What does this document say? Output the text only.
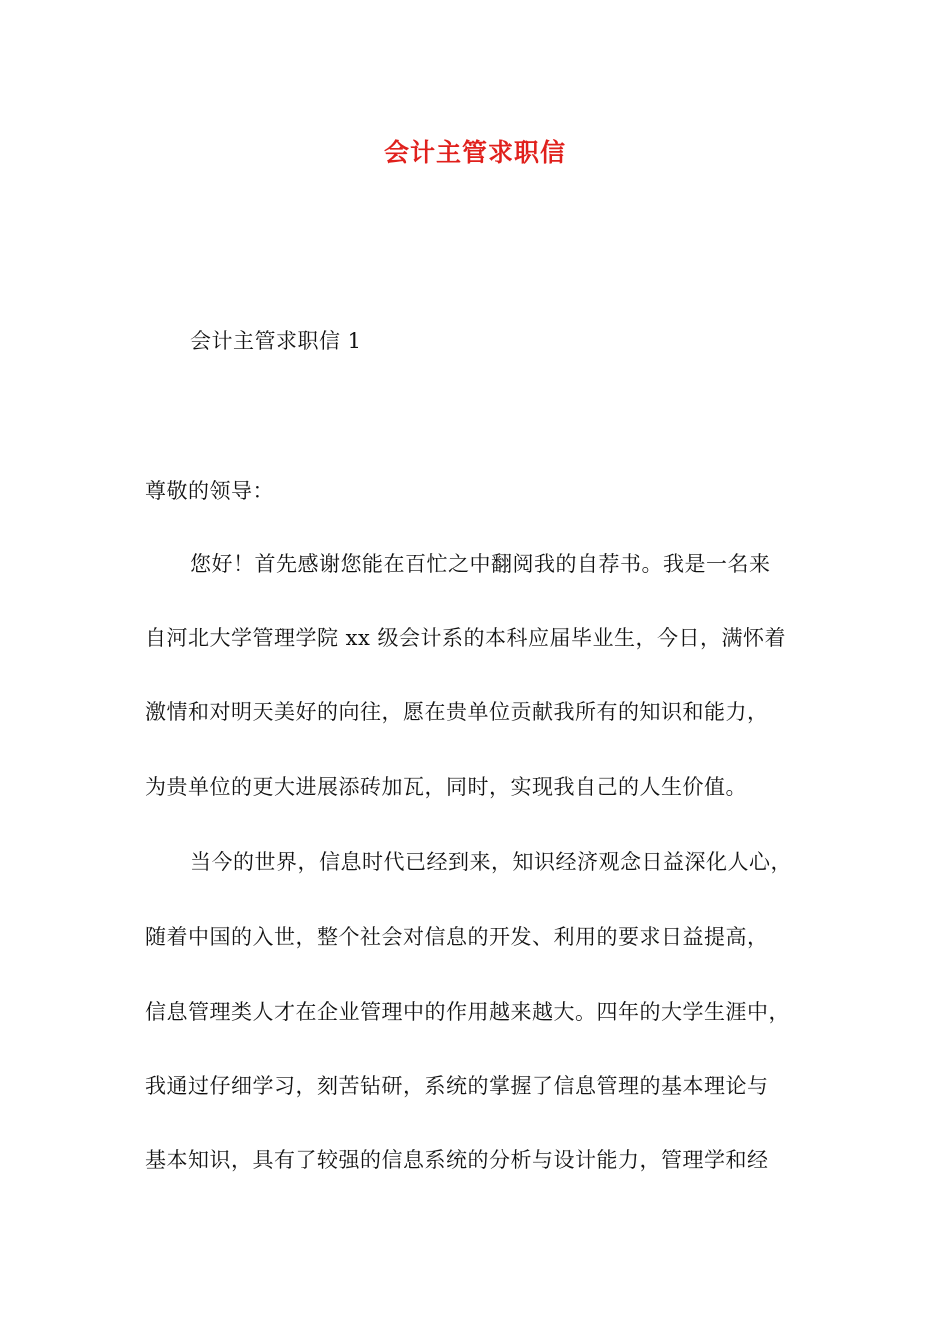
会计主管求职信
会计主管求职信 1
尊敬的领导：
您好！首先感谢您能在百忙之中翻阅我的自荐书。我是一名来
自河北大学管理学院 xx 级会计系的本科应届毕业生，今日，满怀着
激情和对明天美好的向往，愿在贵单位贡献我所有的知识和能力，
为贵单位的更大进展添砖加瓦，同时，实现我自己的人生价值。
当今的世界，信息时代已经到来，知识经济观念日益深化人心，
随着中国的入世，整个社会对信息的开发、利用的要求日益提高，
信息管理类人才在企业管理中的作用越来越大。四年的大学生涯中，
我通过仔细学习，刻苦钻研，系统的掌握了信息管理的基本理论与
基本知识，具有了较强的信息系统的分析与设计能力，管理学和经
